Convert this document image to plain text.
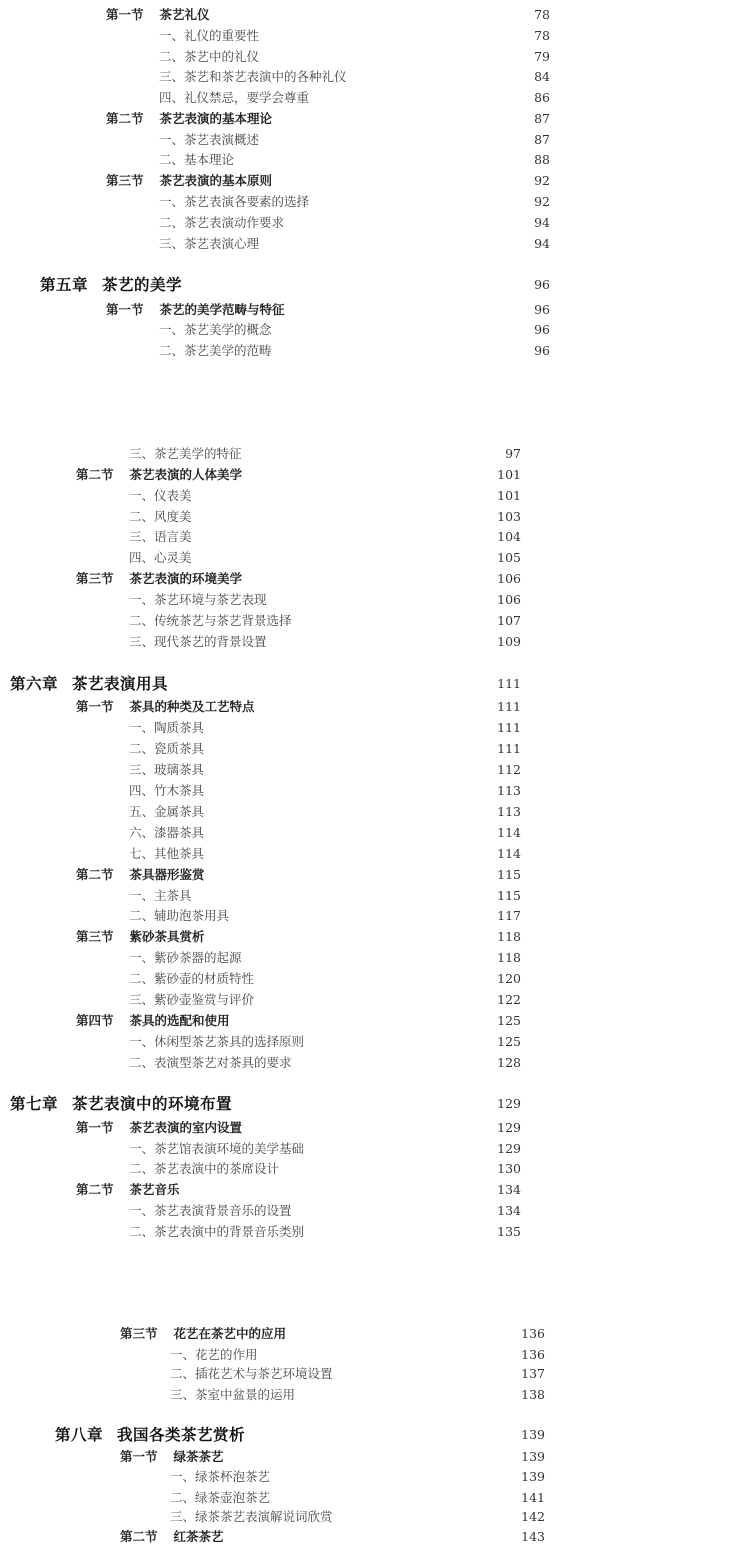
第一节 茶艺礼仪	78
一、礼仪的重要性	78
二、茶艺中的礼仪	79
三、茶艺和茶艺表演中的各种礼仪	84
四、礼仪禁忌，要学会尊重	86
第二节 茶艺表演的基本理论	87
一、茶艺表演概述	87
二、基本理论	88
第三节 茶艺表演的基本原则	92
一、茶艺表演各要素的选择	92
二、茶艺表演动作要求	94
三、茶艺表演心理	94
第五章 茶艺的美学	96
第一节 茶艺的美学范畴与特征	96
一、茶艺美学的概念	96
二、茶艺美学的范畴	96
三、茶艺美学的特征	97
第二节 茶艺表演的人体美学	101
一、仪表美	101
二、风度美	103
三、语言美	104
四、心灵美	105
第三节 茶艺表演的环境美学	106
一、茶艺环境与茶艺表现	106
二、传统茶艺与茶艺背景选择	107
三、现代茶艺的背景设置	109
第六章 茶艺表演用具	111
第一节 茶具的种类及工艺特点	111
一、陶质茶具	111
二、瓷质茶具	111
三、玻璃茶具	112
四、竹木茶具	113
五、金属茶具	113
六、漆器茶具	114
七、其他茶具	114
第二节 茶具器形鉴赏	115
一、主茶具	115
二、辅助泡茶用具	117
第三节 紫砂茶具赏析	118
一、紫砂茶器的起源	118
二、紫砂壶的材质特性	120
三、紫砂壶鉴赏与评价	122
第四节 茶具的选配和使用	125
一、休闲型茶艺茶具的选择原则	125
二、表演型茶艺对茶具的要求	128
第七章 茶艺表演中的环境布置	129
第一节 茶艺表演的室内设置	129
一、茶艺馆表演环境的美学基础	129
二、茶艺表演中的茶席设计	130
第二节 茶艺音乐	134
一、茶艺表演背景音乐的设置	134
二、茶艺表演中的背景音乐类别	135
第三节 花艺在茶艺中的应用	136
一、花艺的作用	136
二、插花艺术与茶艺环境设置	137
三、茶室中盆景的运用	138
第八章 我国各类茶艺赏析	139
第一节 绿茶茶艺	139
一、绿茶杯泡茶艺	139
二、绿茶壶泡茶艺	141
三、绿茶茶艺表演解说词欣赏	142
第二节 红茶茶艺	143
